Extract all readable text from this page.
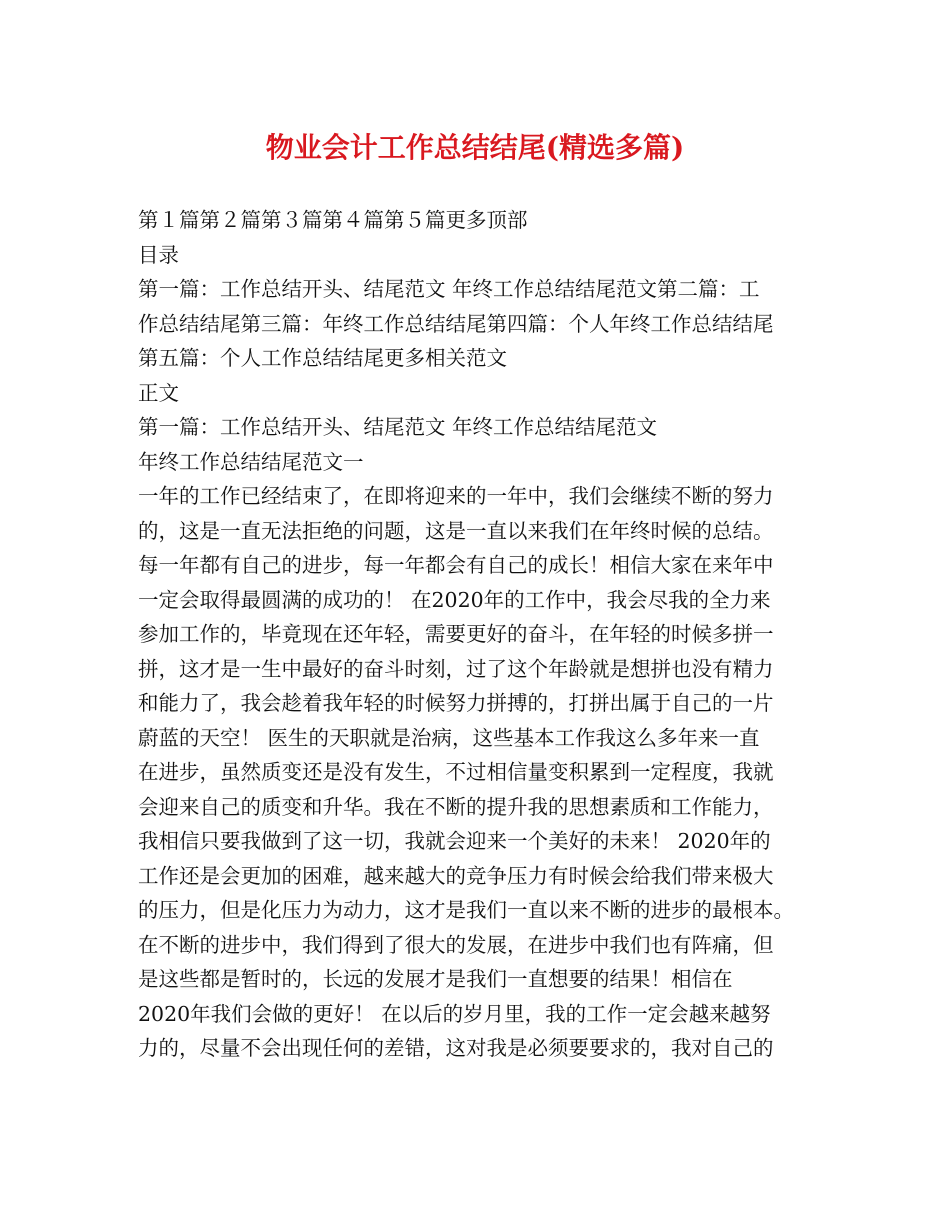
物业会计工作总结结尾(精选多篇)
第１篇第２篇第３篇第４篇第５篇更多顶部
目录
第一篇：工作总结开头、结尾范文 年终工作总结结尾范文第二篇：工
作总结结尾第三篇：年终工作总结结尾第四篇：个人年终工作总结结尾
第五篇：个人工作总结结尾更多相关范文
正文
第一篇：工作总结开头、结尾范文 年终工作总结结尾范文
年终工作总结结尾范文一
一年的工作已经结束了，在即将迎来的一年中，我们会继续不断的努力
的，这是一直无法拒绝的问题，这是一直以来我们在年终时候的总结。
每一年都有自己的进步，每一年都会有自己的成长！相信大家在来年中
一定会取得最圆满的成功的！ 在2020年的工作中，我会尽我的全力来
参加工作的，毕竟现在还年轻，需要更好的奋斗，在年轻的时候多拼一
拼，这才是一生中最好的奋斗时刻，过了这个年龄就是想拼也没有精力
和能力了，我会趁着我年轻的时候努力拼搏的，打拼出属于自己的一片
蔚蓝的天空！ 医生的天职就是治病，这些基本工作我这么多年来一直
在进步，虽然质变还是没有发生，不过相信量变积累到一定程度，我就
会迎来自己的质变和升华。我在不断的提升我的思想素质和工作能力，
我相信只要我做到了这一切，我就会迎来一个美好的未来！ 2020年的
工作还是会更加的困难，越来越大的竞争压力有时候会给我们带来极大
的压力，但是化压力为动力，这才是我们一直以来不断的进步的最根本。
在不断的进步中，我们得到了很大的发展，在进步中我们也有阵痛，但
是这些都是暂时的，长远的发展才是我们一直想要的结果！相信在
2020年我们会做的更好！ 在以后的岁月里，我的工作一定会越来越努
力的，尽量不会出现任何的差错，这对我是必须要要求的，我对自己的
